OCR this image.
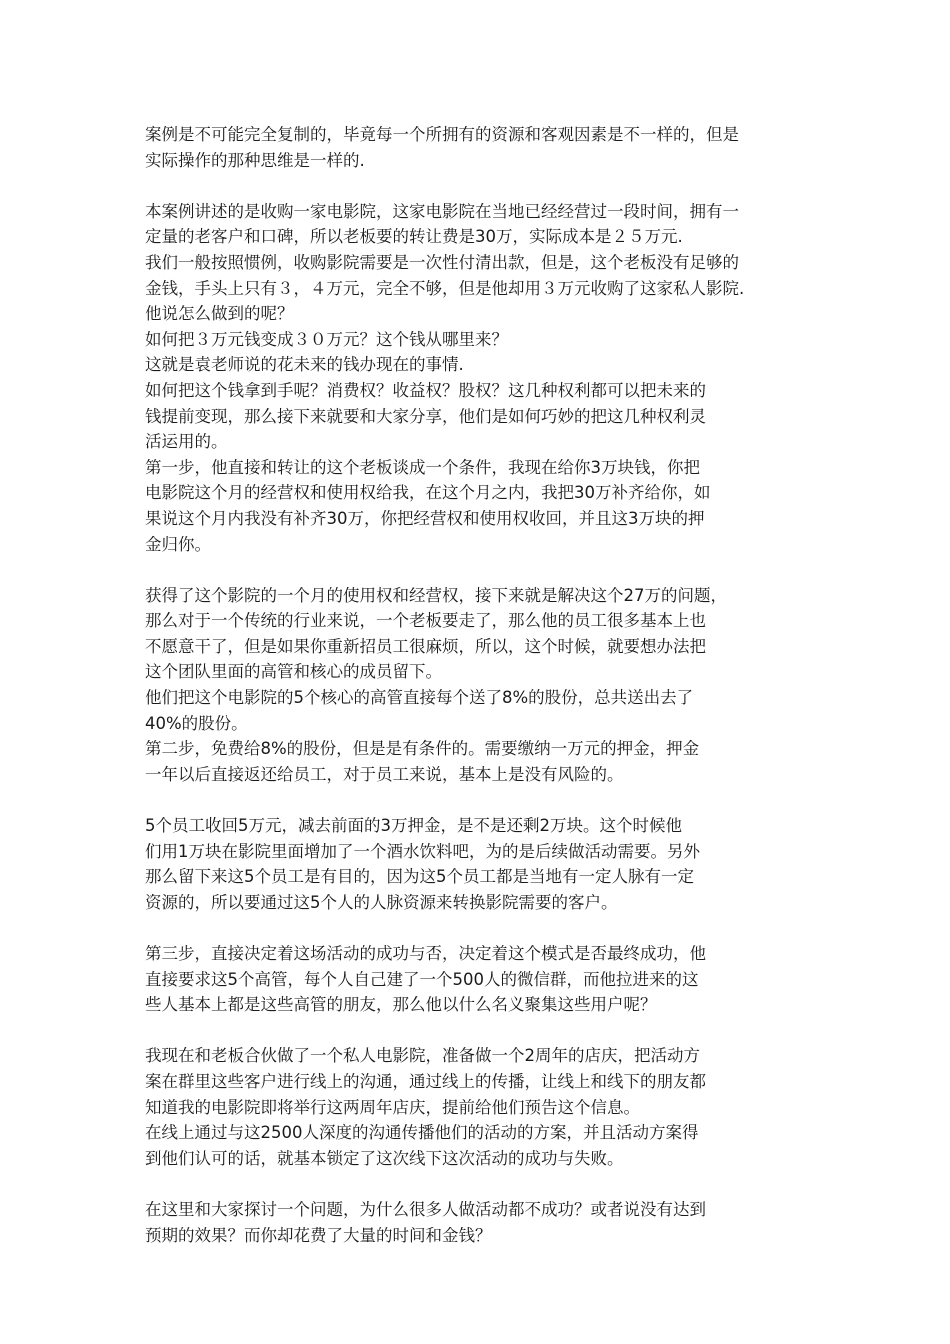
案例是不可能完全复制的，毕竟每一个所拥有的资源和客观因素是不一样的，但是
实际操作的那种思维是一样的.
本案例讲述的是收购一家电影院，这家电影院在当地已经经营过一段时间，拥有一
定量的老客户和口碑，所以老板要的转让费是30万，实际成本是２５万元.
我们一般按照惯例，收购影院需要是一次性付清出款，但是，这个老板没有足够的
金钱，手头上只有３，４万元，完全不够，但是他却用３万元收购了这家私人影院.
他说怎么做到的呢？
如何把３万元钱变成３０万元？这个钱从哪里来？
这就是袁老师说的花未来的钱办现在的事情.
如何把这个钱拿到手呢？消费权？收益权？股权？这几种权利都可以把未来的
钱提前变现，那么接下来就要和大家分享，他们是如何巧妙的把这几种权利灵
活运用的。
第一步，他直接和转让的这个老板谈成一个条件，我现在给你3万块钱，你把
电影院这个月的经营权和使用权给我，在这个月之内，我把30万补齐给你，如
果说这个月内我没有补齐30万，你把经营权和使用权收回，并且这3万块的押
金归你。
获得了这个影院的一个月的使用权和经营权，接下来就是解决这个27万的问题，
那么对于一个传统的行业来说，一个老板要走了，那么他的员工很多基本上也
不愿意干了，但是如果你重新招员工很麻烦，所以，这个时候，就要想办法把
这个团队里面的高管和核心的成员留下。
他们把这个电影院的5个核心的高管直接每个送了8%的股份，总共送出去了
40%的股份。
第二步，免费给8%的股份，但是是有条件的。需要缴纳一万元的押金，押金
一年以后直接返还给员工，对于员工来说，基本上是没有风险的。
5个员工收回5万元，减去前面的3万押金，是不是还剩2万块。这个时候他
们用1万块在影院里面增加了一个酒水饮料吧，为的是后续做活动需要。另外
那么留下来这5个员工是有目的，因为这5个员工都是当地有一定人脉有一定
资源的，所以要通过这5个人的人脉资源来转换影院需要的客户。
第三步，直接决定着这场活动的成功与否，决定着这个模式是否最终成功，他
直接要求这5个高管，每个人自己建了一个500人的微信群，而他拉进来的这
些人基本上都是这些高管的朋友，那么他以什么名义聚集这些用户呢？
我现在和老板合伙做了一个私人电影院，准备做一个2周年的店庆，把活动方
案在群里这些客户进行线上的沟通，通过线上的传播，让线上和线下的朋友都
知道我的电影院即将举行这两周年店庆，提前给他们预告这个信息。
在线上通过与这2500人深度的沟通传播他们的活动的方案，并且活动方案得
到他们认可的话，就基本锁定了这次线下这次活动的成功与失败。
在这里和大家探讨一个问题，为什么很多人做活动都不成功？或者说没有达到
预期的效果？而你却花费了大量的时间和金钱？
